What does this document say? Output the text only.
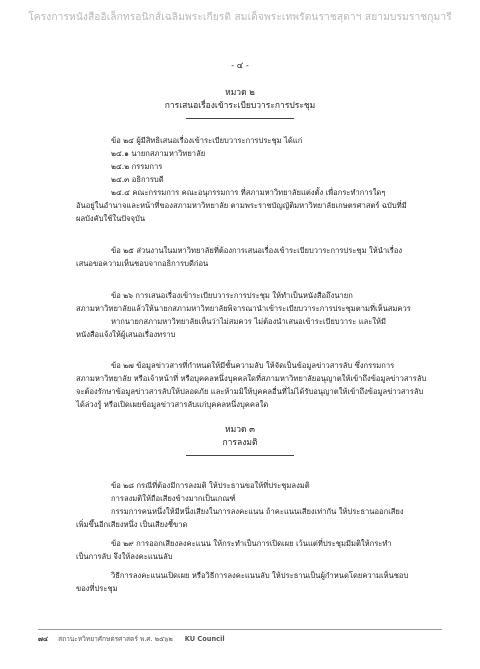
โครงการหนังสืออิเล็กทรอนิกส์เฉลิมพระเกียรติ สมเด็จพระเทพรัตนราชสุดาฯ สยามบรมราชกุมารี
- ๔ -
หมวด ๒
การเสนอเรื่องเข้าระเบียบวาระการประชุม
ข้อ ๒๔ ผู้มีสิทธิเสนอเรื่องเข้าระเบียบวาระการประชุม ได้แก่
๒๔.๑ นายกสภามหาวิทยาลัย
๒๔.๒ กรรมการ
๒๔.๓ อธิการบดี
๒๔.๔ คณะกรรมการ คณะอนุกรรมการ ที่สภามหาวิทยาลัยแต่งตั้ง เพื่อกระทำการใดๆ
อันอยู่ในอำนาจและหน้าที่ของสภามหาวิทยาลัย ตามพระราชบัญญัติมหาวิทยาลัยเกษตรศาสตร์ ฉบับที่มี
ผลบังคับใช้ในปัจจุบัน
ข้อ ๒๕ ส่วนงานในมหาวิทยาลัยที่ต้องการเสนอเรื่องเข้าระเบียบวาระการประชุม ให้นำเรื่อง
เสนอขอความเห็นชอบจากอธิการบดีก่อน
ข้อ ๒๖ การเสนอเรื่องเข้าระเบียบวาระการประชุม ให้ทำเป็นหนังสือถึงนายก
สภามหาวิทยาลัยแล้วให้นายกสภามหาวิทยาลัยพิจารณานำเข้าระเบียบวาระการประชุมตามที่เห็นสมควร
หากนายกสภามหาวิทยาลัยเห็นว่าไม่สมควร ไม่ต้องนำเสนอเข้าระเบียบวาระ และให้มี
หนังสือแจ้งให้ผู้เสนอเรื่องทราบ
ข้อ ๒๗ ข้อมูลข่าวสารที่กำหนดให้มีชั้นความลับ ให้จัดเป็นข้อมูลข่าวสารลับ ซึ่งกรรมการ
สภามหาวิทยาลัย หรือเจ้าหน้าที่ หรือบุคคลหนึ่งบุคคลใดที่สภามหาวิทยาลัยอนุญาตให้เข้าถึงข้อมูลข่าวสารลับ
จะต้องรักษาข้อมูลข่าวสารลับให้ปลอดภัย และห้ามมิให้บุคคลอื่นที่ไม่ได้รับอนุญาตให้เข้าถึงข้อมูลข่าวสารลับ
ได้ล่วงรู้ หรือเปิดเผยข้อมูลข่าวสารลับแก่บุคคลหนึ่งบุคคลใด
หมวด ๓
การลงมติ
ข้อ ๒๘ กรณีที่ต้องมีการลงมติ ให้ประธานขอให้ที่ประชุมลงมติ
การลงมติให้ถือเสียงข้างมากเป็นเกณฑ์
กรรมการคนหนึ่งให้มีหนึ่งเสียงในการลงคะแนน ถ้าคะแนนเสียงเท่ากัน ให้ประธานออกเสียง
เพิ่มขึ้นอีกเสียงหนึ่ง เป็นเสียงชี้ขาด
ข้อ ๒๙ การออกเสียงลงคะแนน ให้กระทำเป็นการเปิดเผย เว้นแต่ที่ประชุมมีมติให้กระทำ
เป็นการลับ จึงให้ลงคะแนนลับ
วิธีการลงคะแนนเปิดเผย หรือวิธีการลงคะแนนลับ ให้ประธานเป็นผู้กำหนดโดยความเห็นชอบ
ของที่ประชุม
๗๔ สถานะหวิทยาศักษตรศาสตร์ พ.ศ. ๒๕๖๒ KU Council
